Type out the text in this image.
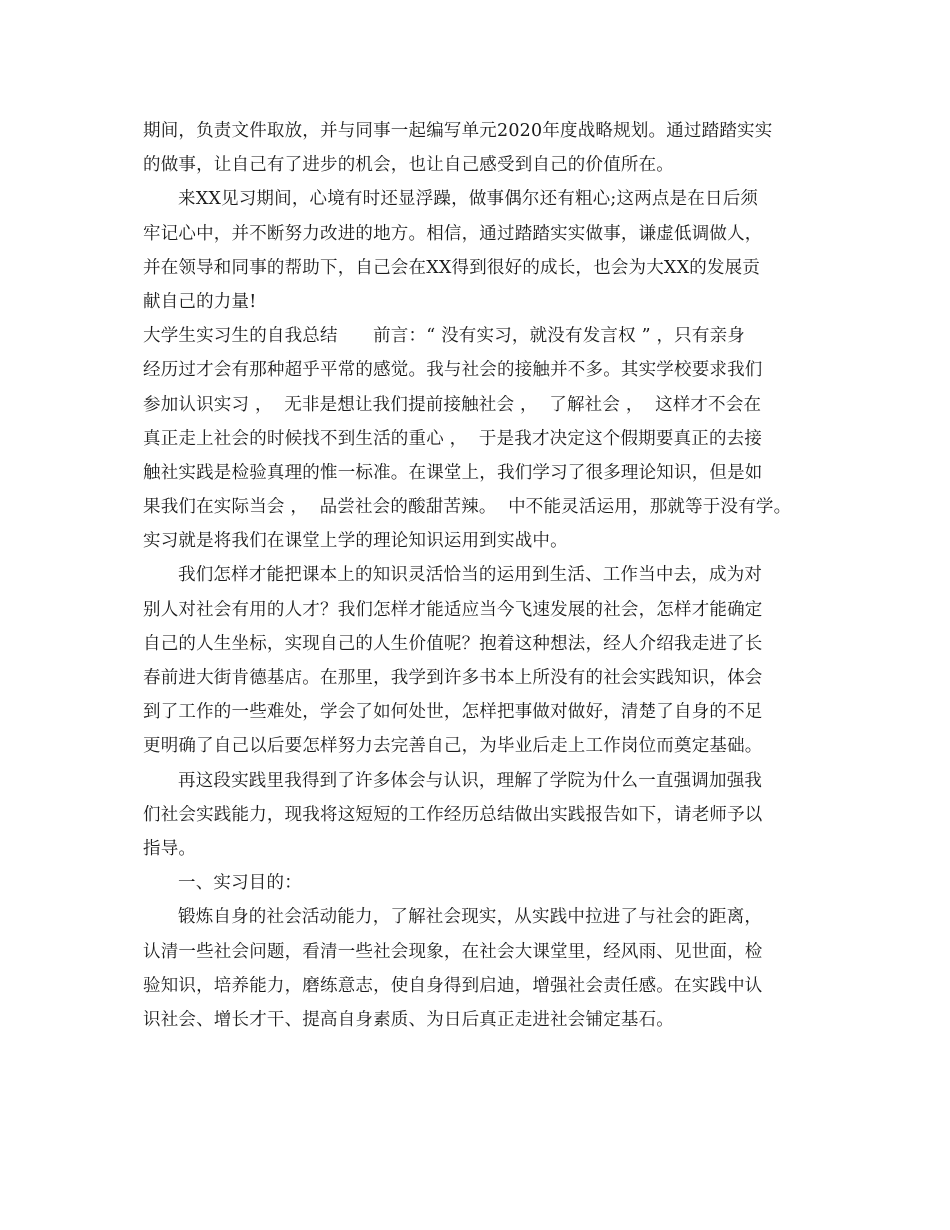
期间，负责文件取放，并与同事一起编写单元2020年度战略规划。通过踏踏实实
的做事，让自己有了进步的机会，也让自己感受到自己的价值所在。
来XX见习期间，心境有时还显浮躁，做事偶尔还有粗心;这两点是在日后须
牢记心中，并不断努力改进的地方。相信，通过踏踏实实做事，谦虚低调做人，
并在领导和同事的帮助下，自己会在XX得到很好的成长，也会为大XX的发展贡
献自己的力量!
大学生实习生的自我总结　　前言：“ 没有实习，就没有发言权 ” ，只有亲身
经历过才会有那种超乎平常的感觉。我与社会的接触并不多。其实学校要求我们
参加认识实习 ，  无非是想让我们提前接触社会 ，  了解社会 ，  这样才不会在
真正走上社会的时候找不到生活的重心 ，  于是我才决定这个假期要真正的去接
触社实践是检验真理的惟一标准。在课堂上，我们学习了很多理论知识，但是如
果我们在实际当会 ，  品尝社会的酸甜苦辣。  中不能灵活运用，那就等于没有学。
实习就是将我们在课堂上学的理论知识运用到实战中。
我们怎样才能把课本上的知识灵活恰当的运用到生活、工作当中去，成为对
别人对社会有用的人才？我们怎样才能适应当今飞速发展的社会，怎样才能确定
自己的人生坐标，实现自己的人生价值呢？抱着这种想法，经人介绍我走进了长
春前进大街肯德基店。在那里，我学到许多书本上所没有的社会实践知识，体会
到了工作的一些难处，学会了如何处世，怎样把事做对做好，清楚了自身的不足
更明确了自己以后要怎样努力去完善自己，为毕业后走上工作岗位而奠定基础。
再这段实践里我得到了许多体会与认识，理解了学院为什么一直强调加强我
们社会实践能力，现我将这短短的工作经历总结做出实践报告如下，请老师予以
指导。
一、实习目的：
锻炼自身的社会活动能力，了解社会现实，从实践中拉进了与社会的距离，
认清一些社会问题，看清一些社会现象，在社会大课堂里，经风雨、见世面，检
验知识，培养能力，磨练意志，使自身得到启迪，增强社会责任感。在实践中认
识社会、增长才干、提高自身素质、为日后真正走进社会铺定基石。
